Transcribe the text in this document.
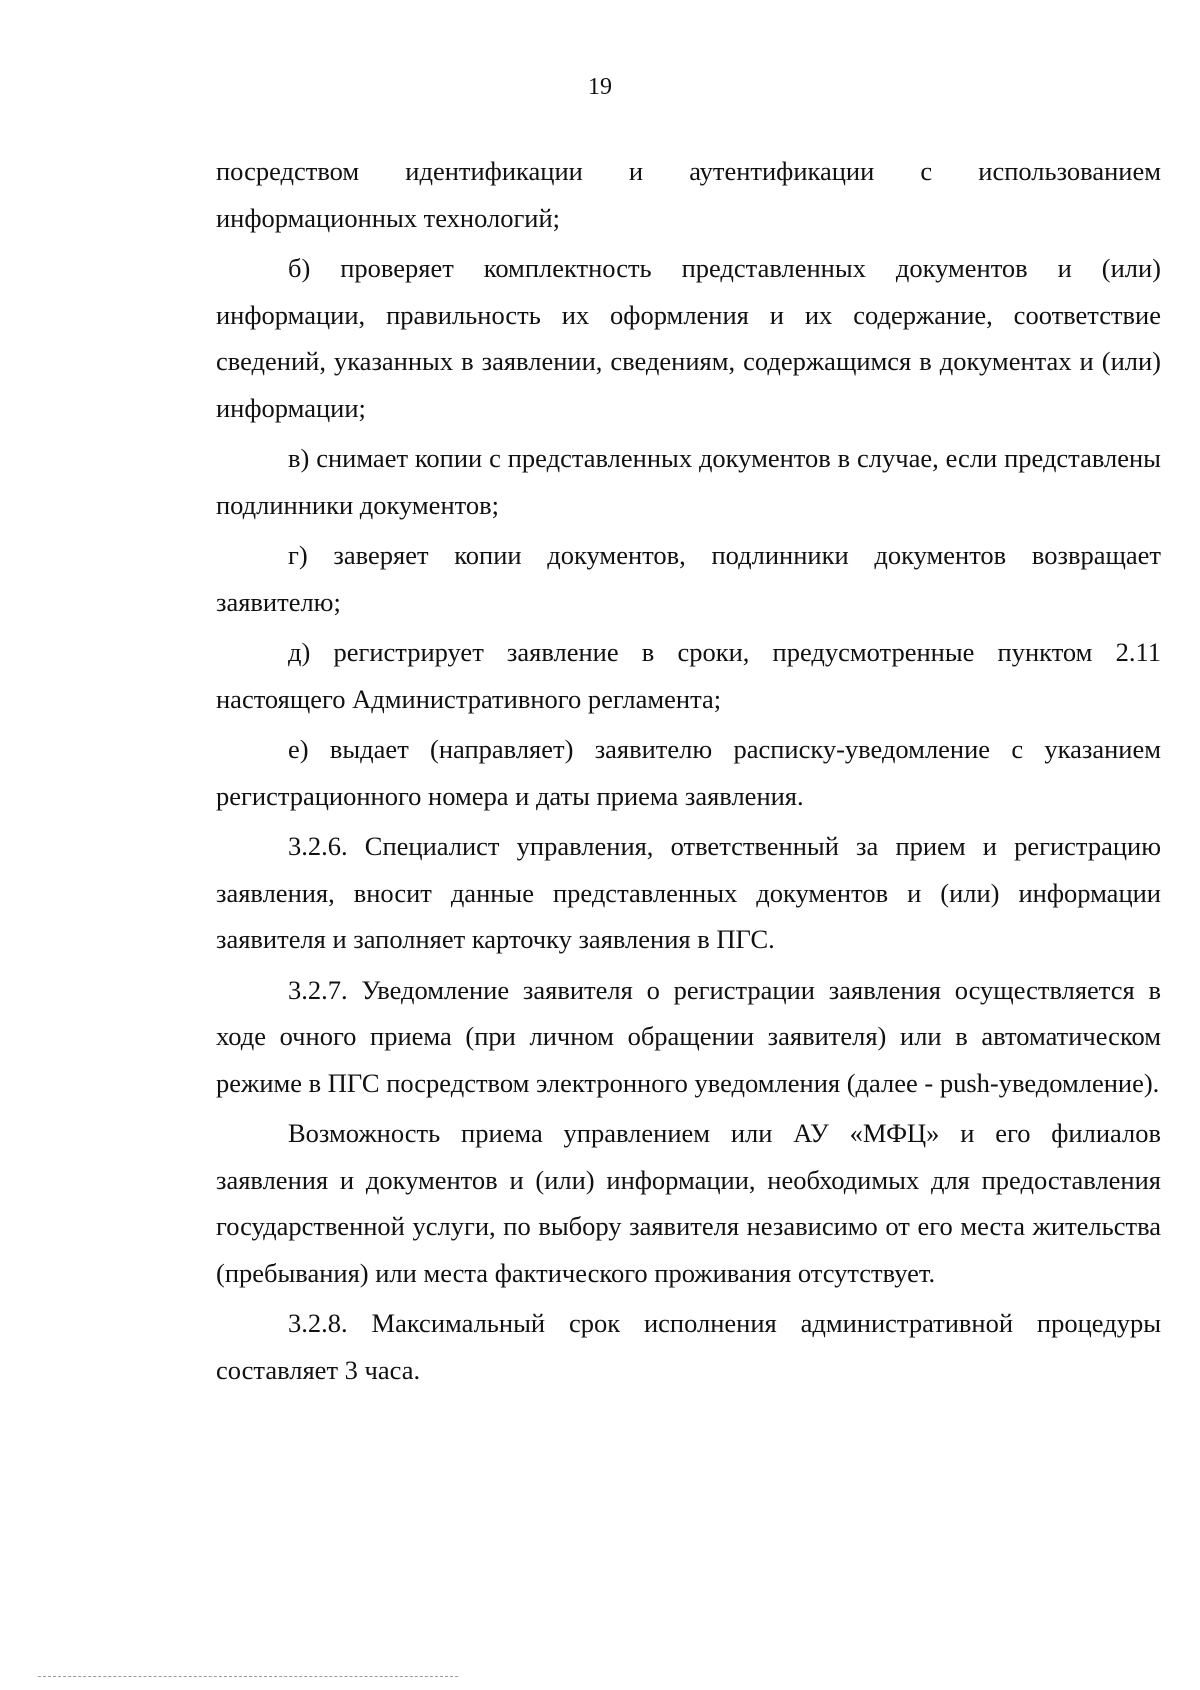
19

посредством идентификации и аутентификации с использованием информационных технологий;

б) проверяет комплектность представленных документов и (или) информации, правильность их оформления и их содержание, соответствие сведений, указанных в заявлении, сведениям, содержащимся в документах и (или) информации;

в) снимает копии с представленных документов в случае, если представлены подлинники документов;

г) заверяет копии документов, подлинники документов возвращает заявителю;

д) регистрирует заявление в сроки, предусмотренные пунктом 2.11 настоящего Административного регламента;

е) выдает (направляет) заявителю расписку-уведомление с указанием регистрационного номера и даты приема заявления.

3.2.6. Специалист управления, ответственный за прием и регистрацию заявления, вносит данные представленных документов и (или) информации заявителя и заполняет карточку заявления в ПГС.

3.2.7. Уведомление заявителя о регистрации заявления осуществляется в ходе очного приема (при личном обращении заявителя) или в автоматическом режиме в ПГС посредством электронного уведомления (далее - push-уведомление).

Возможность приема управлением или АУ «МФЦ» и его филиалов заявления и документов и (или) информации, необходимых для предоставления государственной услуги, по выбору заявителя независимо от его места жительства (пребывания) или места фактического проживания отсутствует.

3.2.8. Максимальный срок исполнения административной процедуры составляет 3 часа.
